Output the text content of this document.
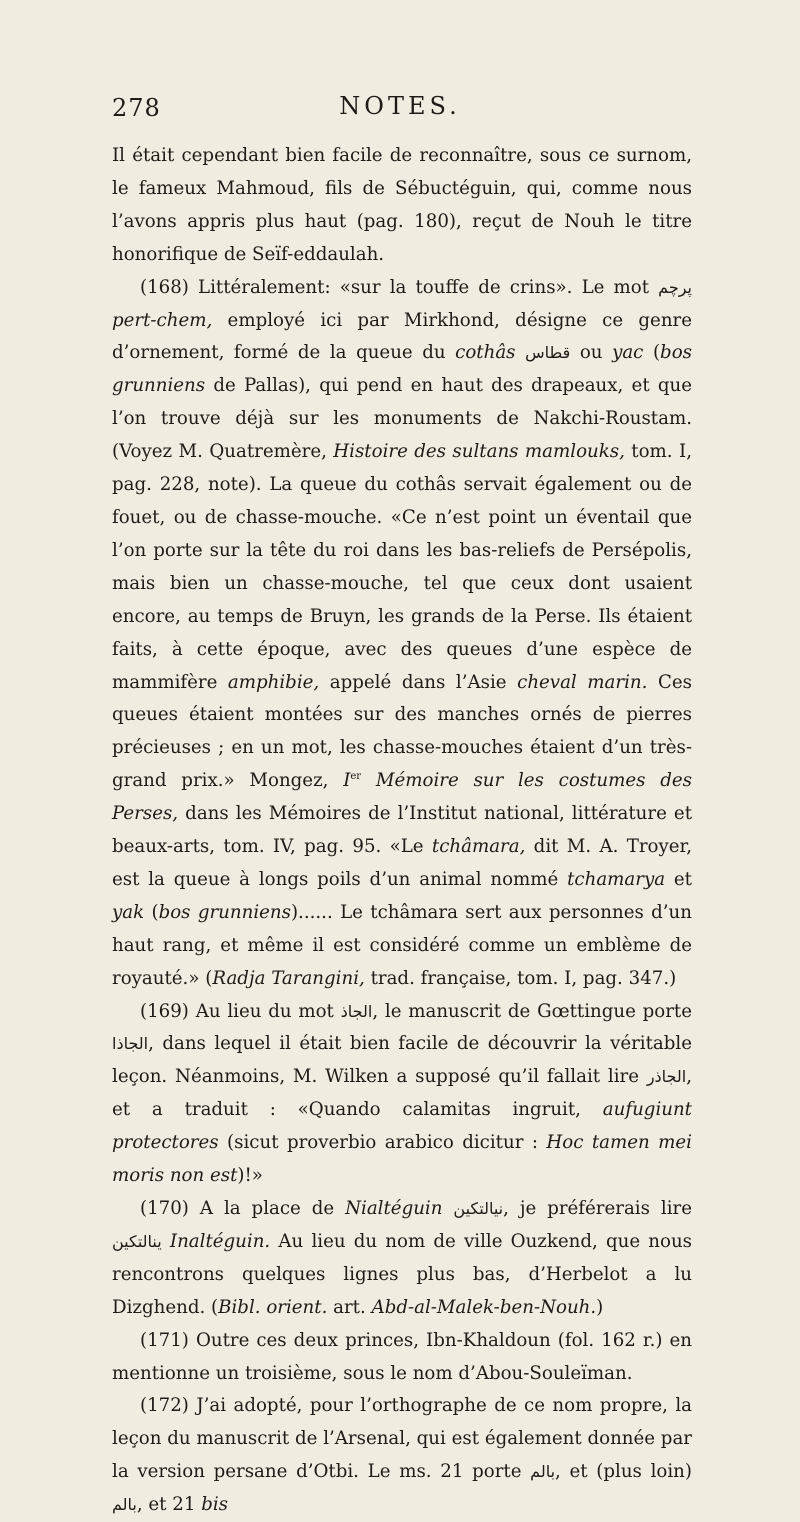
278	NOTES.

Il était cependant bien facile de reconnaître, sous ce surnom, le fameux Mahmoud, fils de Sébuctéguin, qui, comme nous l’avons appris plus haut (pag. 180), reçut de Nouh le titre honorifique de Seïf-eddaulah.

(168) Littéralement: «sur la touffe de crins». Le mot پرچم pert-chem, employé ici par Mirkhond, désigne ce genre d’ornement, formé de la queue du cothâs قطاس ou yac (bos grunniens de Pallas), qui pend en haut des drapeaux, et que l’on trouve déjà sur les monuments de Nakchi-Roustam. (Voyez M. Quatremère, Histoire des sultans mamlouks, tom. I, pag. 228, note). La queue du cothâs servait également ou de fouet, ou de chasse-mouche. «Ce n’est point un éventail que l’on porte sur la tête du roi dans les bas-reliefs de Persépolis, mais bien un chasse-mouche, tel que ceux dont usaient encore, au temps de Bruyn, les grands de la Perse. Ils étaient faits, à cette époque, avec des queues d’une espèce de mammifère amphibie, appelé dans l’Asie cheval marin. Ces queues étaient montées sur des manches ornés de pierres précieuses ; en un mot, les chasse-mouches étaient d’un très-grand prix.» Mongez, Ier Mémoire sur les costumes des Perses, dans les Mémoires de l’Institut national, littérature et beaux-arts, tom. IV, pag. 95. «Le tchâmara, dit M. A. Troyer, est la queue à longs poils d’un animal nommé tchamarya et yak (bos grunniens)...... Le tchâmara sert aux personnes d’un haut rang, et même il est considéré comme un emblème de royauté.» (Radja Tarangini, trad. française, tom. I, pag. 347.)

(169) Au lieu du mot الجاذ, le manuscrit de Gœttingue porte الجاذا, dans lequel il était bien facile de découvrir la véritable leçon. Néanmoins, M. Wilken a supposé qu’il fallait lire الجاذر, et a traduit : «Quando calamitas ingruit, aufugiunt protectores (sicut proverbio arabico dicitur : Hoc tamen mei moris non est)!»

(170) A la place de Nialtéguin نیالتکین, je préférerais lire ینالتکین Inaltéguin. Au lieu du nom de ville Ouzkend, que nous rencontrons quelques lignes plus bas, d’Herbelot a lu Dizghend. (Bibl. orient. art. Abd-al-Malek-ben-Nouh.)

(171) Outre ces deux princes, Ibn-Khaldoun (fol. 162 r.) en mentionne un troisième, sous le nom d’Abou-Souleïman.

(172) J’ai adopté, pour l’orthographe de ce nom propre, la leçon du manuscrit de l’Arsenal, qui est également donnée par la version persane d’Otbi. Le ms. 21 porte بالم, et (plus loin) بالم, et 21 bis
